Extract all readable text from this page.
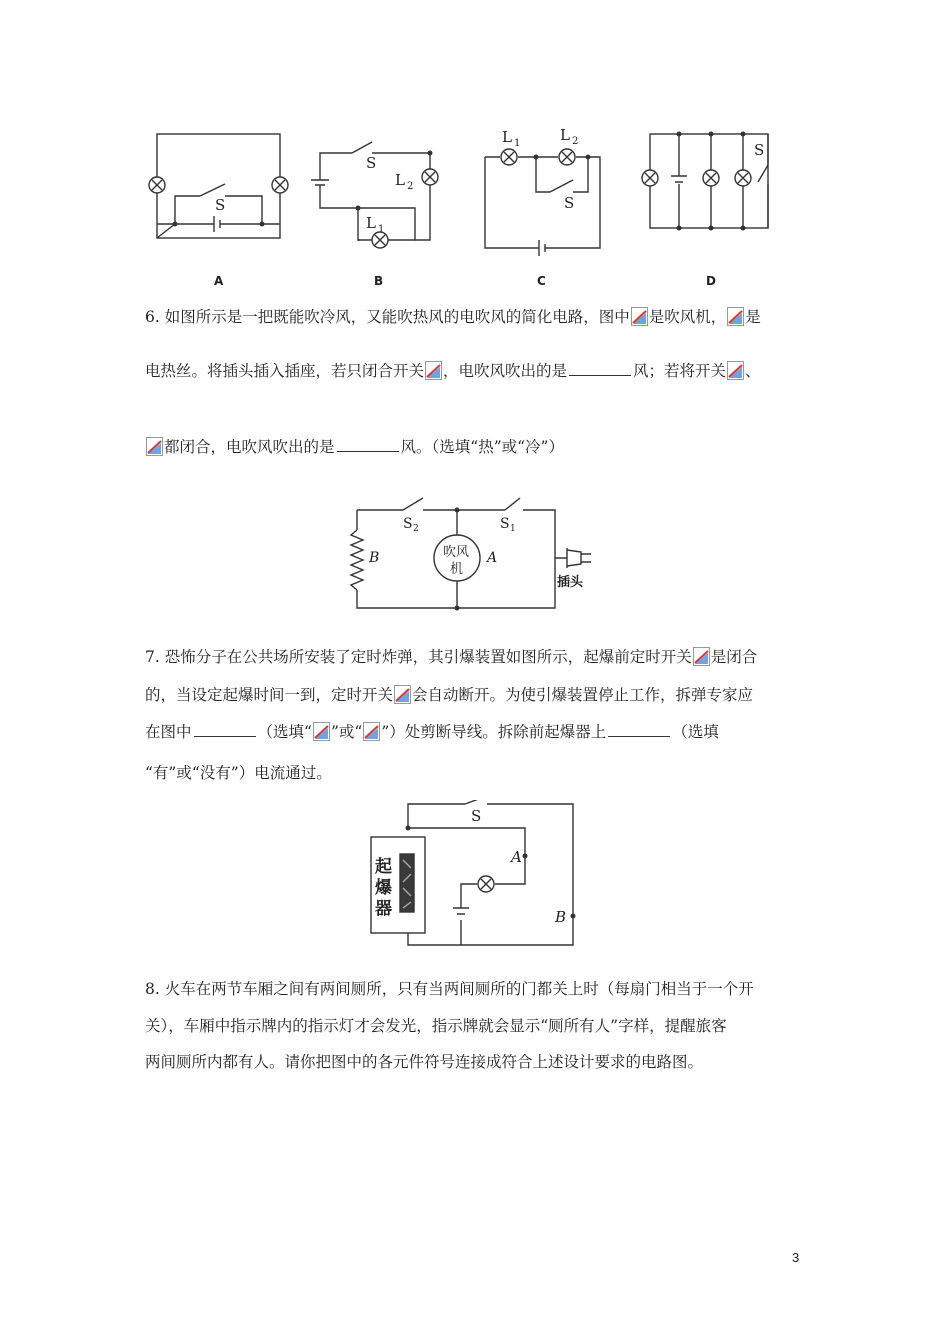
S
S
L 2
L 1
L 1	L 2
S
S
A	B	C	D
6. 如图所示是一把既能吹冷风，又能吹热风的电吹风的简化电路，图中 是吹风机， 是
电热丝。将插头插入插座，若只闭合开关 ，电吹风吹出的是	风；若将开关 、
都闭合，电吹风吹出的是	风。（选填“热”或“冷”）
S 2	S 1
B	A
吹风
机
插头
7. 恐怖分子在公共场所安装了定时炸弹，其引爆装置如图所示，起爆前定时开关 是闭合
的，当设定起爆时间一到，定时开关 会自动断开。为使引爆装置停止工作，拆弹专家应
在图中	（选填“ ”或“ ”）处剪断导线。拆除前起爆器上	（选填
“有”或“没有”）电流通过。
S
A
B
起
爆
器
8. 火车在两节车厢之间有两间厕所，只有当两间厕所的门都关上时（每扇门相当于一个开
关），车厢中指示牌内的指示灯才会发光，指示牌就会显示“厕所有人”字样，提醒旅客
两间厕所内都有人。请你把图中的各元件符号连接成符合上述设计要求的电路图。
3
